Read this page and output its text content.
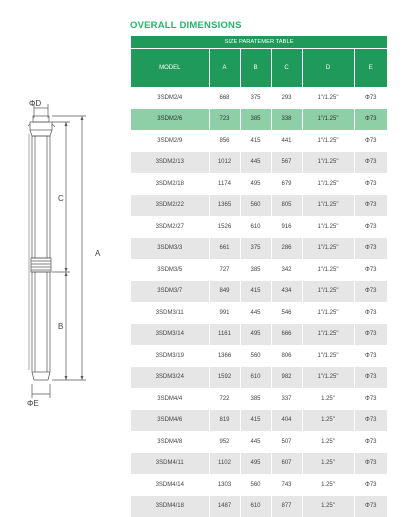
OVERALL DIMENSIONS
ΦD
C
A
B
ΦE
SIZE PARATEMER TABLE					
MODEL	A	B	C	D	E
3SDM2/4	668	375	293	1"/1.25"	Φ73
3SDM2/6	723	385	338	1"/1.25"	Φ73
3SDM2/9	856	415	441	1"/1.25"	Φ73
3SDM2/13	1012	445	567	1"/1.25"	Φ73
3SDM2/18	1174	495	679	1"/1.25"	Φ73
3SDM2/22	1365	560	805	1"/1.25"	Φ73
3SDM2/27	1526	610	916	1"/1.25"	Φ73
3SDM3/3	661	375	286	1"/1.25"	Φ73
3SDM3/5	727	385	342	1"/1.25"	Φ73
3SDM3/7	849	415	434	1"/1.25"	Φ73
3SDM3/11	991	445	546	1"/1.25"	Φ73
3SDM3/14	1161	495	666	1"/1.25"	Φ73
3SDM3/19	1366	560	806	1"/1.25"	Φ73
3SDM3/24	1592	610	982	1"/1.25"	Φ73
3SDM4/4	722	385	337	1.25"	Φ73
3SDM4/6	819	415	404	1.25"	Φ73
3SDM4/8	952	445	507	1.25"	Φ73
3SDM4/11	1102	495	607	1.25"	Φ73
3SDM4/14	1303	560	743	1.25"	Φ73
3SDM4/18	1487	610	877	1.25"	Φ73
